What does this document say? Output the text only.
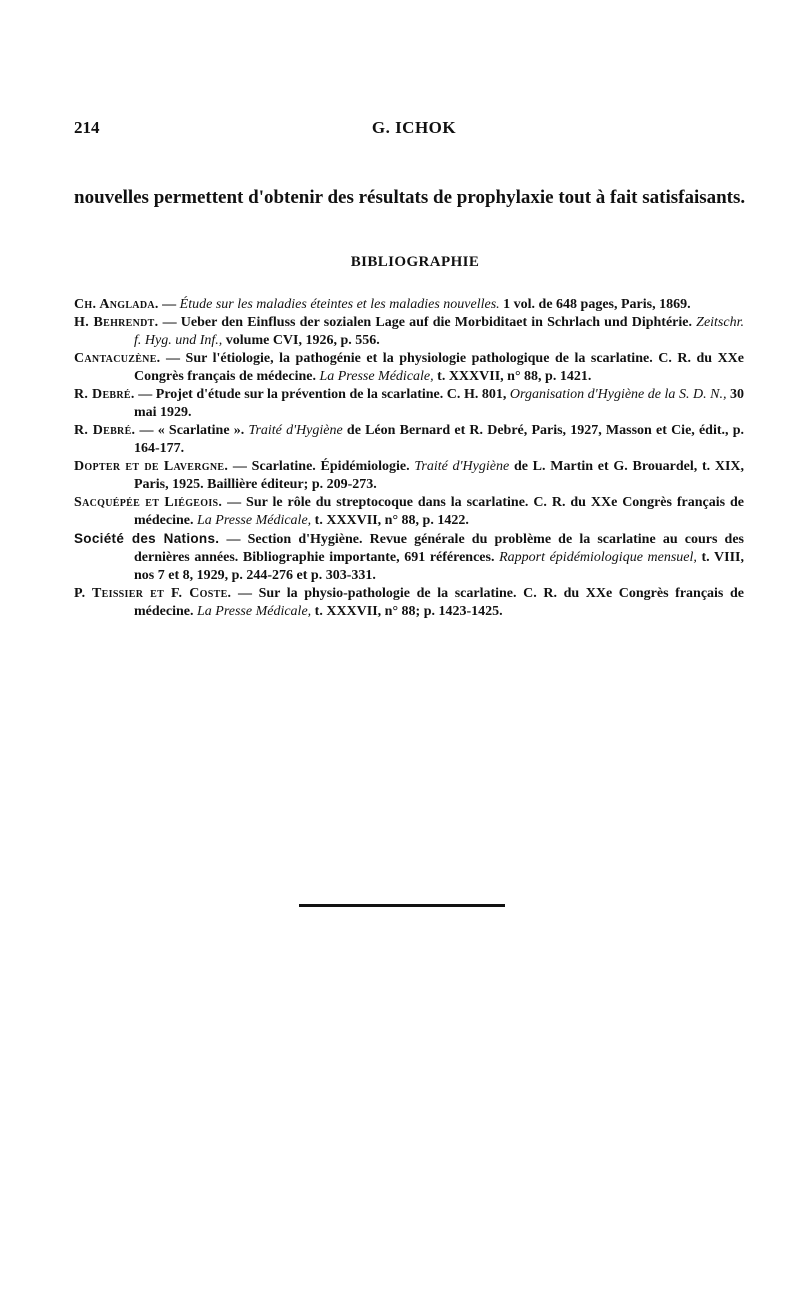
214	G. ICHOK

nouvelles permettent d'obtenir des résultats de prophylaxie tout à fait satisfaisants.

BIBLIOGRAPHIE

Ch. Anglada. — Étude sur les maladies éteintes et les maladies nouvelles. 1 vol. de 648 pages, Paris, 1869.

H. Behrendt. — Ueber den Einfluss der sozialen Lage auf die Morbiditaet in Schrlach und Diphtérie. Zeitschr. f. Hyg. und Inf., volume CVI, 1926, p. 556.

Cantacuzène. — Sur l'étiologie, la pathogénie et la physiologie pathologique de la scarlatine. C. R. du XXe Congrès français de médecine. La Presse Médicale, t. XXXVII, n° 88, p. 1421.

R. Debré. — Projet d'étude sur la prévention de la scarlatine. C. H. 801, Organisation d'Hygiène de la S. D. N., 30 mai 1929.

R. Debré. — « Scarlatine ». Traité d'Hygiène de Léon Bernard et R. Debré, Paris, 1927, Masson et Cie, édit., p. 164-177.

Dopter et de Lavergne. — Scarlatine. Épidémiologie. Traité d'Hygiène de L. Martin et G. Brouardel, t. XIX, Paris, 1925. Baillière éditeur; p. 209-273.

Sacquépée et Liégeois. — Sur le rôle du streptocoque dans la scarlatine. C. R. du XXe Congrès français de médecine. La Presse Médicale, t. XXXVII, n° 88, p. 1422.

Société des Nations. — Section d'Hygiène. Revue générale du problème de la scarlatine au cours des dernières années. Bibliographie importante, 691 références. Rapport épidémiologique mensuel, t. VIII, nos 7 et 8, 1929, p. 244-276 et p. 303-331.

P. Teissier et F. Coste. — Sur la physio-pathologie de la scarlatine. C. R. du XXe Congrès français de médecine. La Presse Médicale, t. XXXVII, n° 88; p. 1423-1425.
